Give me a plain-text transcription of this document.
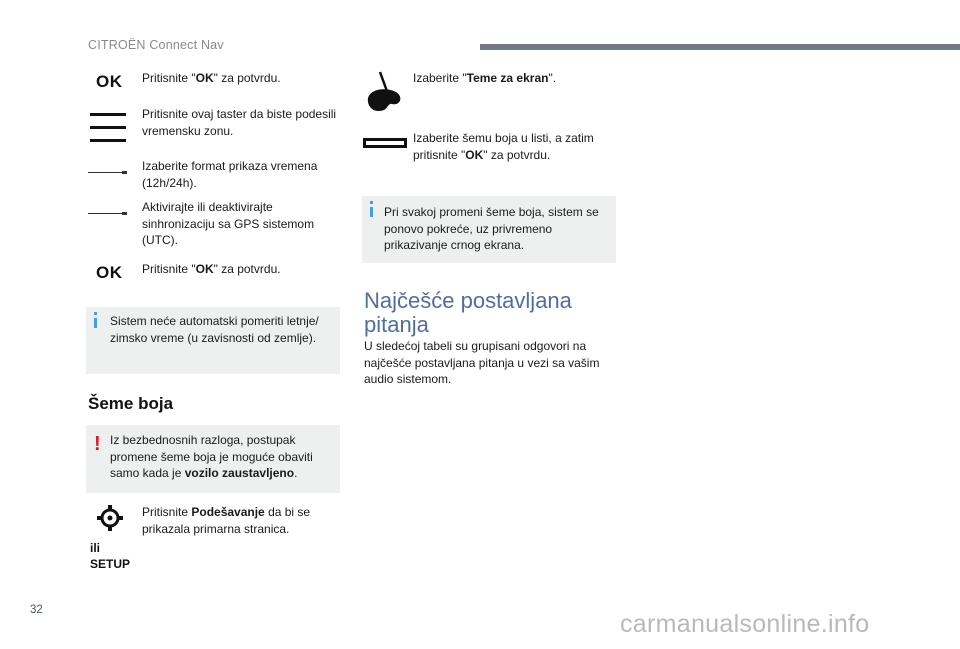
CITROËN Connect Nav
OK Pritisnite "OK" za potvrdu.
Pritisnite ovaj taster da biste podesili vremensku zonu.
Izaberite format prikaza vremena (12h/24h).
Aktivirajte ili deaktivirajte sinhronizaciju sa GPS sistemom (UTC).
OK Pritisnite "OK" za potvrdu.
Sistem neće automatski pomeriti letnje/ zimsko vreme (u zavisnosti od zemlje).
Šeme boja
! Iz bezbednosnih razloga, postupak promene šeme boja je moguće obaviti samo kada je vozilo zaustavljeno.
Pritisnite Podešavanje da bi se prikazala primarna stranica.
ili
SETUP
Izaberite "Teme za ekran".
Izaberite šemu boja u listi, a zatim pritisnite "OK" za potvrdu.
Pri svakoj promeni šeme boja, sistem se ponovo pokreće, uz privremeno prikazivanje crnog ekrana.
Najčešće postavljana pitanja
U sledećoj tabeli su grupisani odgovori na najčešće postavljana pitanja u vezi sa vašim audio sistemom.
32	carmanualsonline.info
